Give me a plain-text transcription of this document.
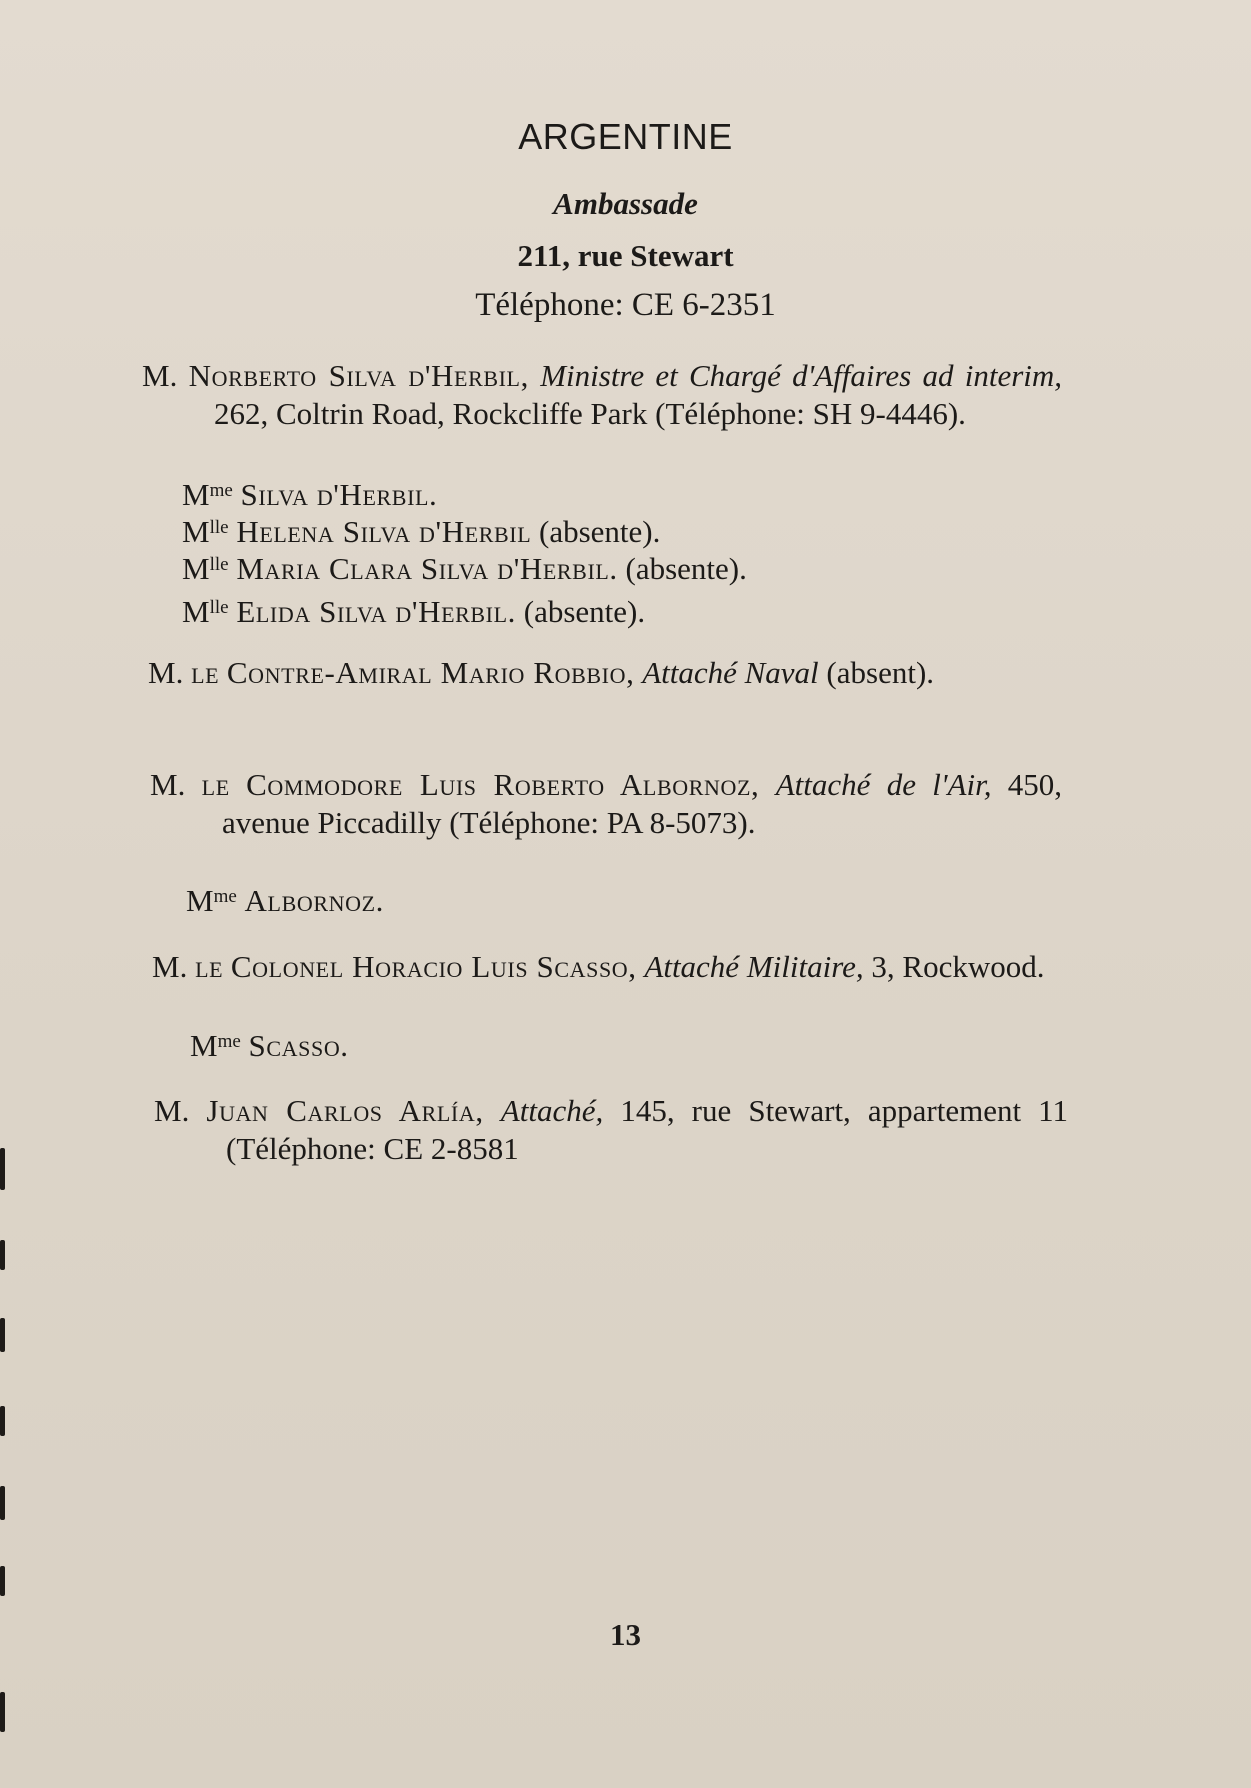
ARGENTINE
Ambassade
211, rue Stewart
Téléphone: CE 6-2351
M. Norberto Silva d'Herbil, Ministre et Chargé d'Affaires ad interim, 262, Coltrin Road, Rockcliffe Park (Téléphone: SH 9-4446).
$M^{me}$ Silva d'Herbil.
$M^{lle}$ Helena Silva d'Herbil (absente).
$M^{lle}$ Maria Clara Silva d'Herbil. (absente).
$M^{lle}$ Elida Silva d'Herbil. (absente).
M. le Contre-Amiral Mario Robbio, Attaché Naval (absent).
M. le Commodore Luis Roberto Albornoz, Attaché de l'Air, 450, avenue Piccadilly (Téléphone: PA 8-5073).
$M^{me}$ Albornoz.
M. le Colonel Horacio Luis Scasso, Attaché Militaire, 3, Rockwood.
$M^{me}$ Scasso.
M. Juan Carlos Arlía, Attaché, 145, rue Stewart, appartement 11 (Téléphone: CE 2-8581
13
